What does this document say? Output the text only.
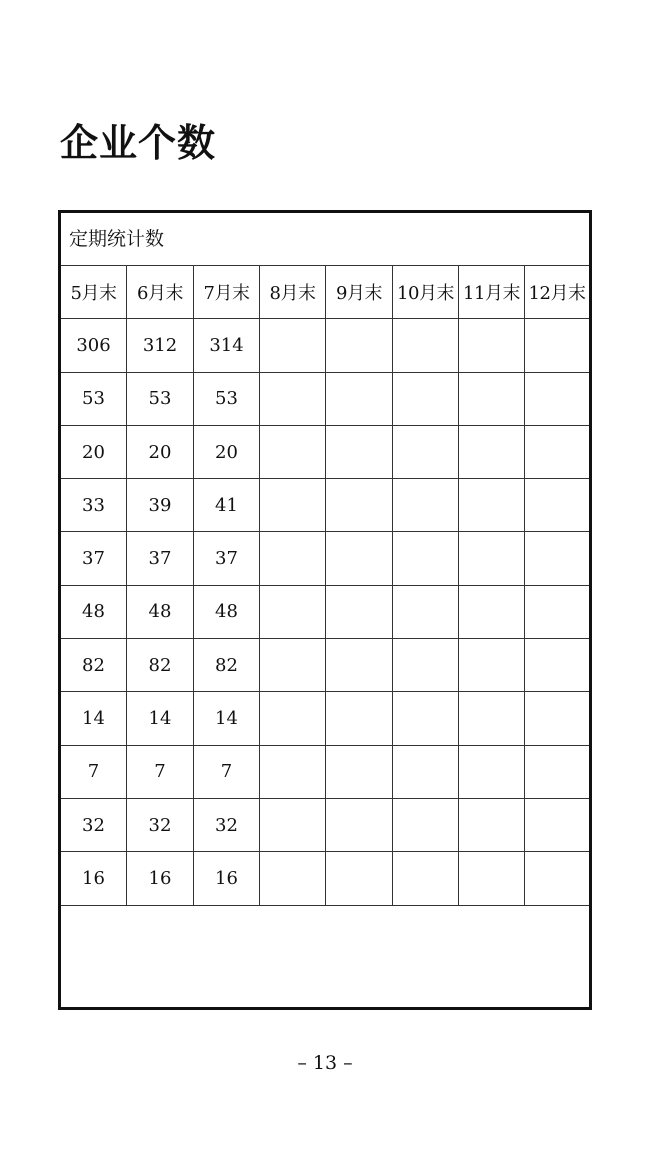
企业个数
定期统计数
5月末	6月末	7月末	8月末	9月末 10月末 11月末 12月末
306	312	314
53	53	53
20	20	20
33	39	41
37	37	37
48	48	48
82	82	82
14	14	14
7	7	7
32	32	32
16	16	16
– 13 –
